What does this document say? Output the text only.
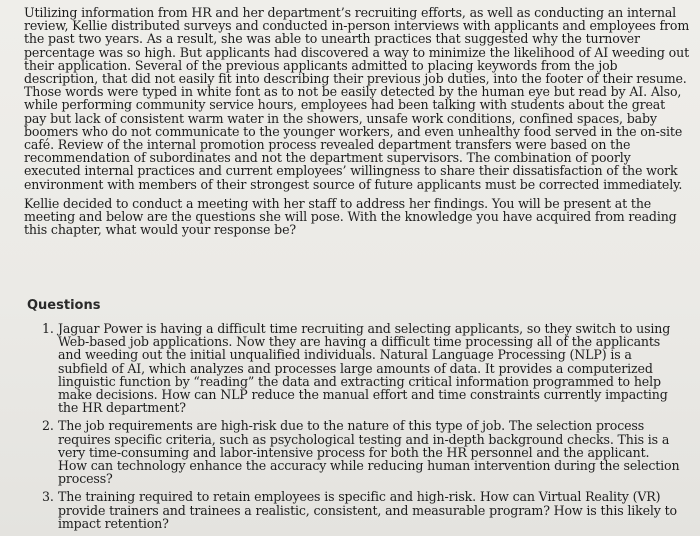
Utilizing information from HR and her department’s recruiting efforts, as well as conducting an internal review, Kellie distributed surveys and conducted in-person interviews with applicants and employees from the past two years. As a result, she was able to unearth practices that suggested why the turnover percentage was so high. But applicants had discovered a way to minimize the likelihood of AI weeding out their application. Several of the previous applicants admitted to placing keywords from the job description, that did not easily fit into describing their previous job duties, into the footer of their resume. Those words were typed in white font as to not be easily detected by the human eye but read by AI. Also, while performing community service hours, employees had been talking with students about the great pay but lack of consistent warm water in the showers, unsafe work conditions, confined spaces, baby boomers who do not communicate to the younger workers, and even unhealthy food served in the on-site café. Review of the internal promotion process revealed department transfers were based on the recommendation of subordinates and not the department supervisors. The combination of poorly executed internal practices and current employees’ willingness to share their dissatisfaction of the work environment with members of their strongest source of future applicants must be corrected immediately.

Kellie decided to conduct a meeting with her staff to address her findings. You will be present at the meeting and below are the questions she will pose. With the knowledge you have acquired from reading this chapter, what would your response be?

Questions
1. Jaguar Power is having a difficult time recruiting and selecting applicants, so they switch to using Web-based job applications. Now they are having a difficult time processing all of the applicants and weeding out the initial unqualified individuals. Natural Language Processing (NLP) is a subfield of AI, which analyzes and processes large amounts of data. It provides a computerized linguistic function by “reading” the data and extracting critical information programmed to help make decisions. How can NLP reduce the manual effort and time constraints currently impacting the HR department?
2. The job requirements are high-risk due to the nature of this type of job. The selection process requires specific criteria, such as psychological testing and in-depth background checks. This is a very time-consuming and labor-intensive process for both the HR personnel and the applicant. How can technology enhance the accuracy while reducing human intervention during the selection process?
3. The training required to retain employees is specific and high-risk. How can Virtual Reality (VR) provide trainers and trainees a realistic, consistent, and measurable program? How is this likely to impact retention?
